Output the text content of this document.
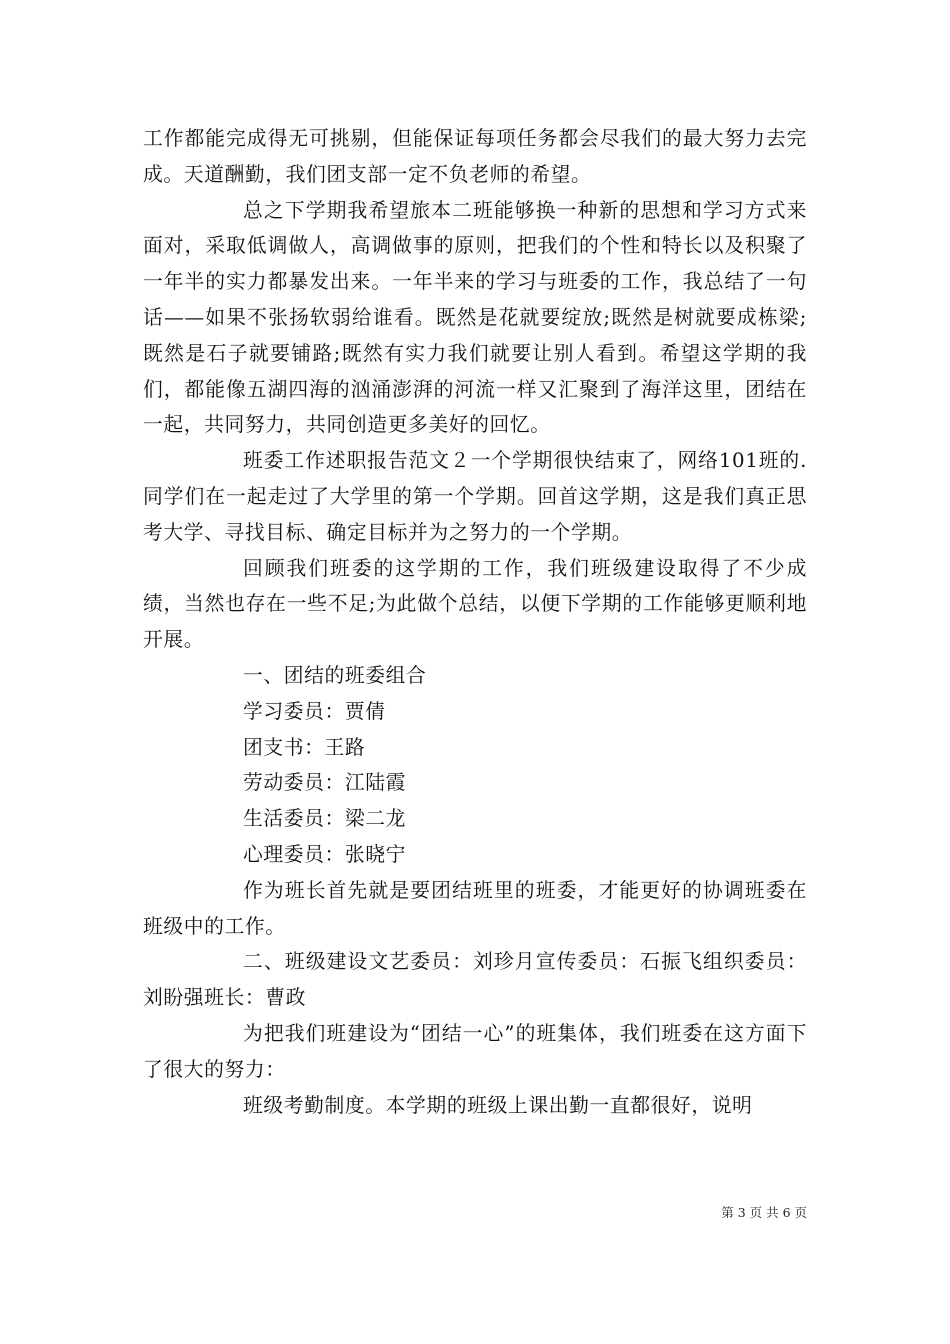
工作都能完成得无可挑剔，但能保证每项任务都会尽我们的最大努力去完成。天道酬勤，我们团支部一定不负老师的希望。

总之下学期我希望旅本二班能够换一种新的思想和学习方式来面对，采取低调做人，高调做事的原则，把我们的个性和特长以及积聚了一年半的实力都暴发出来。一年半来的学习与班委的工作，我总结了一句话——如果不张扬软弱给谁看。既然是花就要绽放;既然是树就要成栋梁;既然是石子就要铺路;既然有实力我们就要让别人看到。希望这学期的我们，都能像五湖四海的汹涌澎湃的河流一样又汇聚到了海洋这里，团结在一起，共同努力，共同创造更多美好的回忆。

班委工作述职报告范文２一个学期很快结束了，网络101班的.同学们在一起走过了大学里的第一个学期。回首这学期，这是我们真正思考大学、寻找目标、确定目标并为之努力的一个学期。

回顾我们班委的这学期的工作，我们班级建设取得了不少成绩，当然也存在一些不足;为此做个总结，以便下学期的工作能够更顺利地开展。

一、团结的班委组合

学习委员：贾倩

团支书：王路

劳动委员：江陆霞

生活委员：梁二龙

心理委员：张晓宁

作为班长首先就是要团结班里的班委，才能更好的协调班委在班级中的工作。

二、班级建设文艺委员：刘珍月宣传委员：石振飞组织委员：刘盼强班长：曹政

为把我们班建设为“团结一心”的班集体，我们班委在这方面下了很大的努力：

班级考勤制度。本学期的班级上课出勤一直都很好，说明

第 3 页 共 6 页
